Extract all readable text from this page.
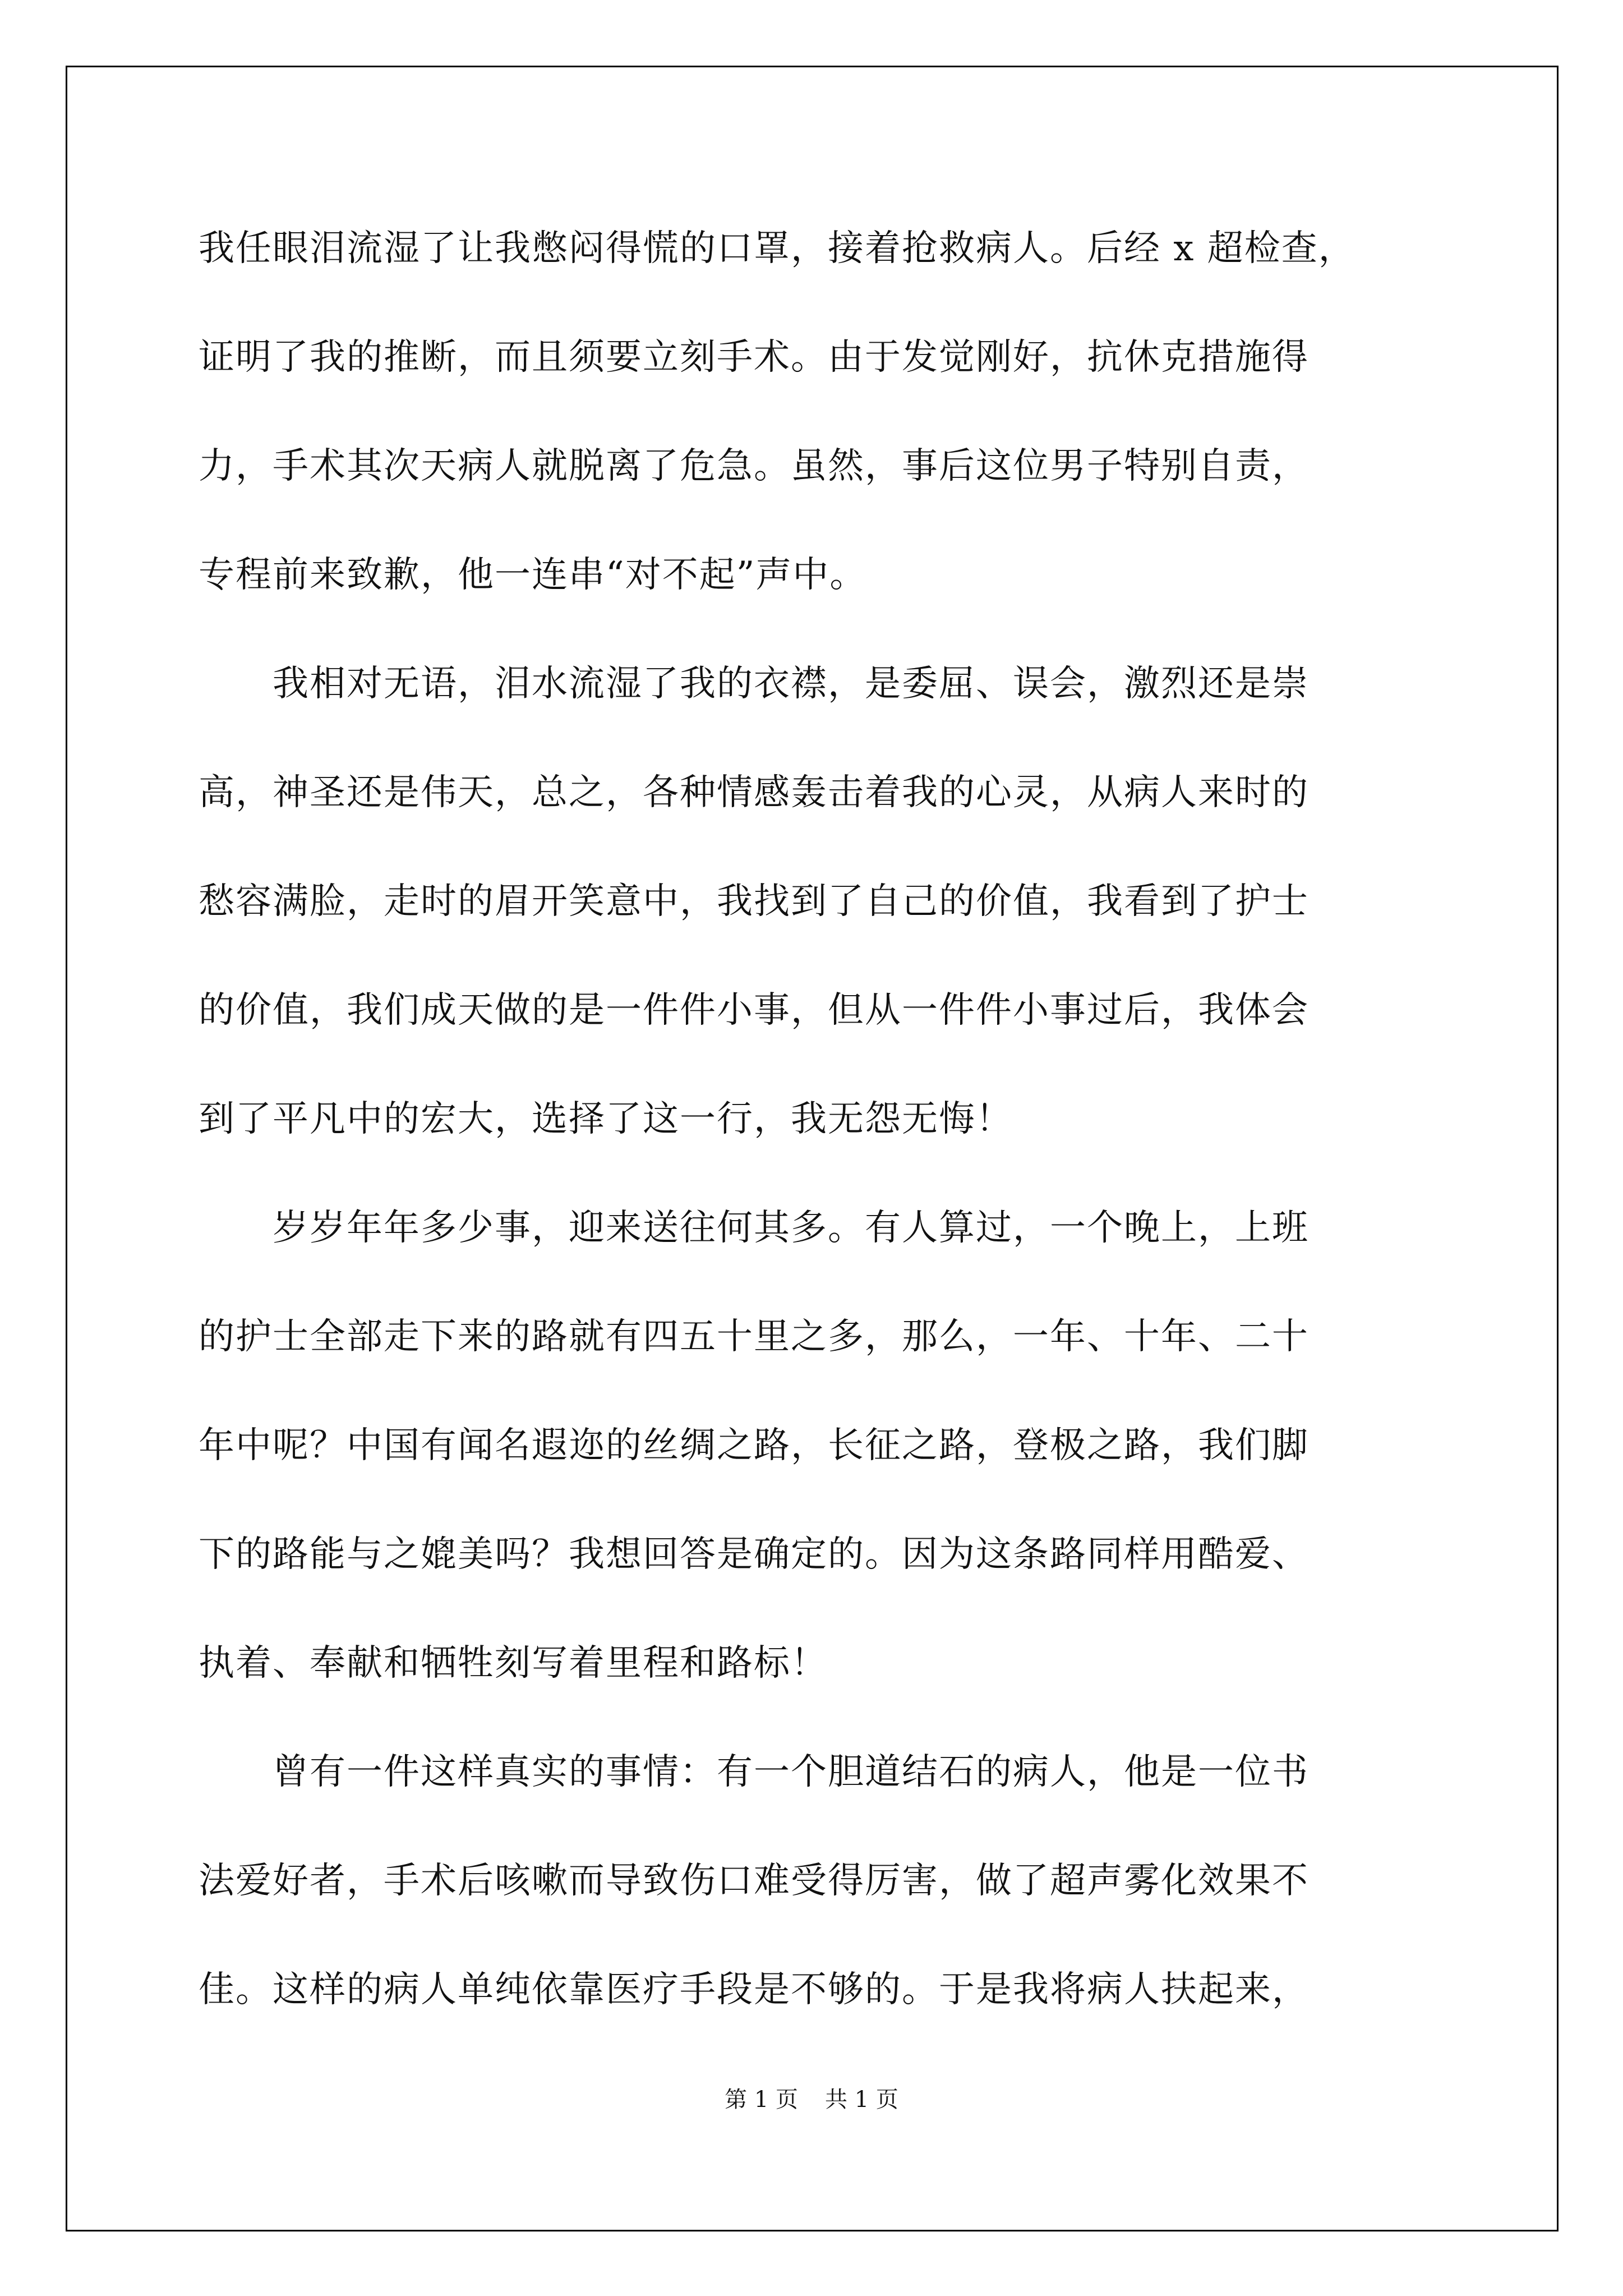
我任眼泪流湿了让我憋闷得慌的口罩，接着抢救病人。后经 x 超检查，
证明了我的推断，而且须要立刻手术。由于发觉刚好，抗休克措施得
力，手术其次天病人就脱离了危急。虽然，事后这位男子特别自责，
专程前来致歉，他一连串“对不起”声中。
　　我相对无语，泪水流湿了我的衣襟，是委屈、误会，激烈还是崇
高，神圣还是伟天，总之，各种情感轰击着我的心灵，从病人来时的
愁容满脸，走时的眉开笑意中，我找到了自己的价值，我看到了护士
的价值，我们成天做的是一件件小事，但从一件件小事过后，我体会
到了平凡中的宏大，选择了这一行，我无怨无悔！
　　岁岁年年多少事，迎来送往何其多。有人算过，一个晚上，上班
的护士全部走下来的路就有四五十里之多，那么，一年、十年、二十
年中呢？中国有闻名遐迩的丝绸之路，长征之路，登极之路，我们脚
下的路能与之媲美吗？我想回答是确定的。因为这条路同样用酷爱、
执着、奉献和牺牲刻写着里程和路标！
　　曾有一件这样真实的事情：有一个胆道结石的病人，他是一位书
法爱好者，手术后咳嗽而导致伤口难受得厉害，做了超声雾化效果不
佳。这样的病人单纯依靠医疗手段是不够的。于是我将病人扶起来，
第 1 页 共 1 页
